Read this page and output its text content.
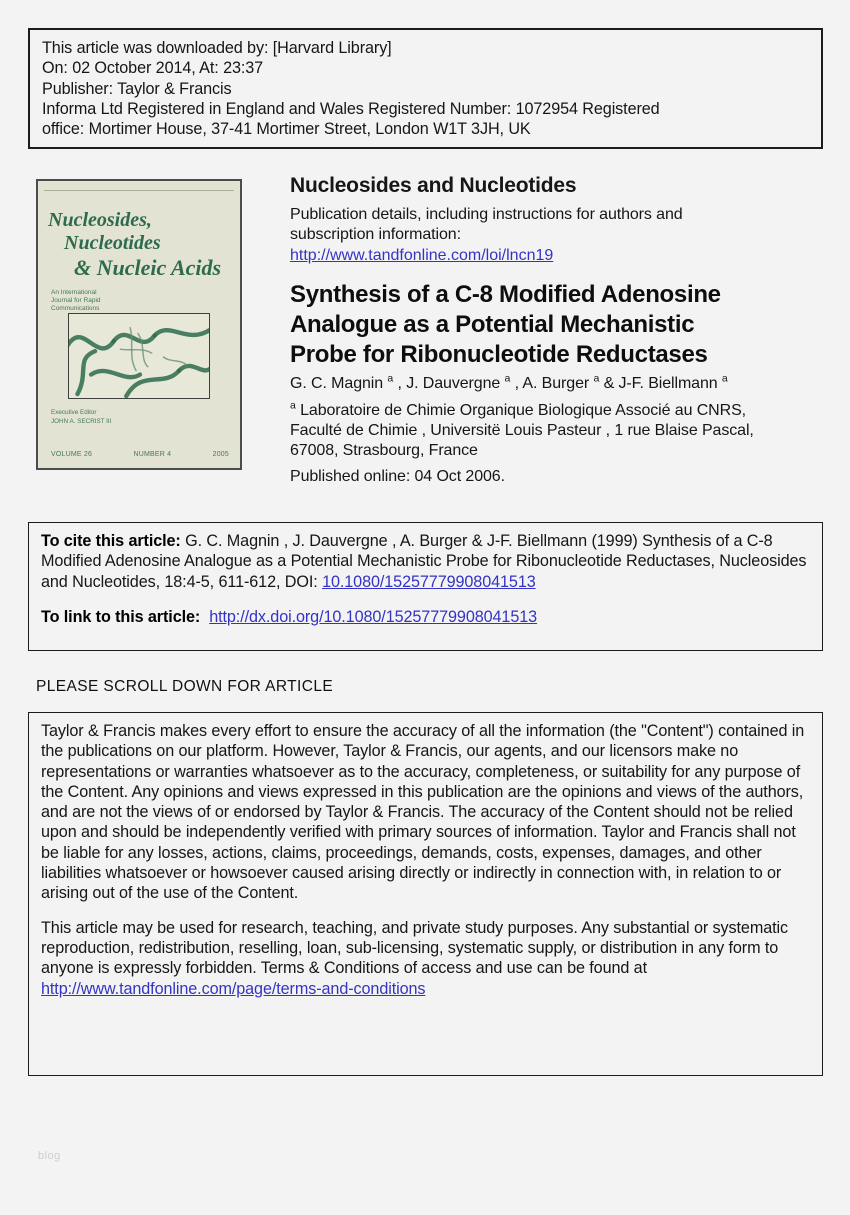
This article was downloaded by: [Harvard Library]
On: 02 October 2014, At: 23:37
Publisher: Taylor & Francis
Informa Ltd Registered in England and Wales Registered Number: 1072954 Registered
office: Mortimer House, 37-41 Mortimer Street, London W1T 3JH, UK
Nucleosides,
Nucleotides
& Nucleic Acids
An International
Journal for Rapid
Communications
Executive Editor
JOHN A. SECRIST III
VOLUME 26	NUMBER 4	2005
Nucleosides and Nucleotides
Publication details, including instructions for authors and
subscription information:
http://www.tandfonline.com/loi/lncn19
Synthesis of a C-8 Modified Adenosine
Analogue as a Potential Mechanistic
Probe for Ribonucleotide Reductases
G. C. Magnin $^a$ , J. Dauvergne $^a$ , A. Burger $^a$ & J-F. Biellmann $^a$
$^a$ Laboratoire de Chimie Organique Biologique Associé au CNRS,
Faculté de Chimie , Universitë Louis Pasteur , 1 rue Blaise Pascal,
67008, Strasbourg, France
Published online: 04 Oct 2006.

To cite this article: G. C. Magnin , J. Dauvergne , A. Burger & J-F. Biellmann (1999) Synthesis of a C-8 Modified Adenosine Analogue as a Potential Mechanistic Probe for Ribonucleotide Reductases, Nucleosides and Nucleotides, 18:4-5, 611-612, DOI: 10.1080/15257779908041513

To link to this article: http://dx.doi.org/10.1080/15257779908041513

PLEASE SCROLL DOWN FOR ARTICLE

Taylor & Francis makes every effort to ensure the accuracy of all the information (the "Content") contained in the publications on our platform. However, Taylor & Francis, our agents, and our licensors make no representations or warranties whatsoever as to the accuracy, completeness, or suitability for any purpose of the Content. Any opinions and views expressed in this publication are the opinions and views of the authors, and are not the views of or endorsed by Taylor & Francis. The accuracy of the Content should not be relied upon and should be independently verified with primary sources of information. Taylor and Francis shall not be liable for any losses, actions, claims, proceedings, demands, costs, expenses, damages, and other liabilities whatsoever or howsoever caused arising directly or indirectly in connection with, in relation to or arising out of the use of the Content.

This article may be used for research, teaching, and private study purposes. Any substantial or systematic reproduction, redistribution, reselling, loan, sub-licensing, systematic supply, or distribution in any form to anyone is expressly forbidden. Terms & Conditions of access and use can be found at http://www.tandfonline.com/page/terms-and-conditions

blog
